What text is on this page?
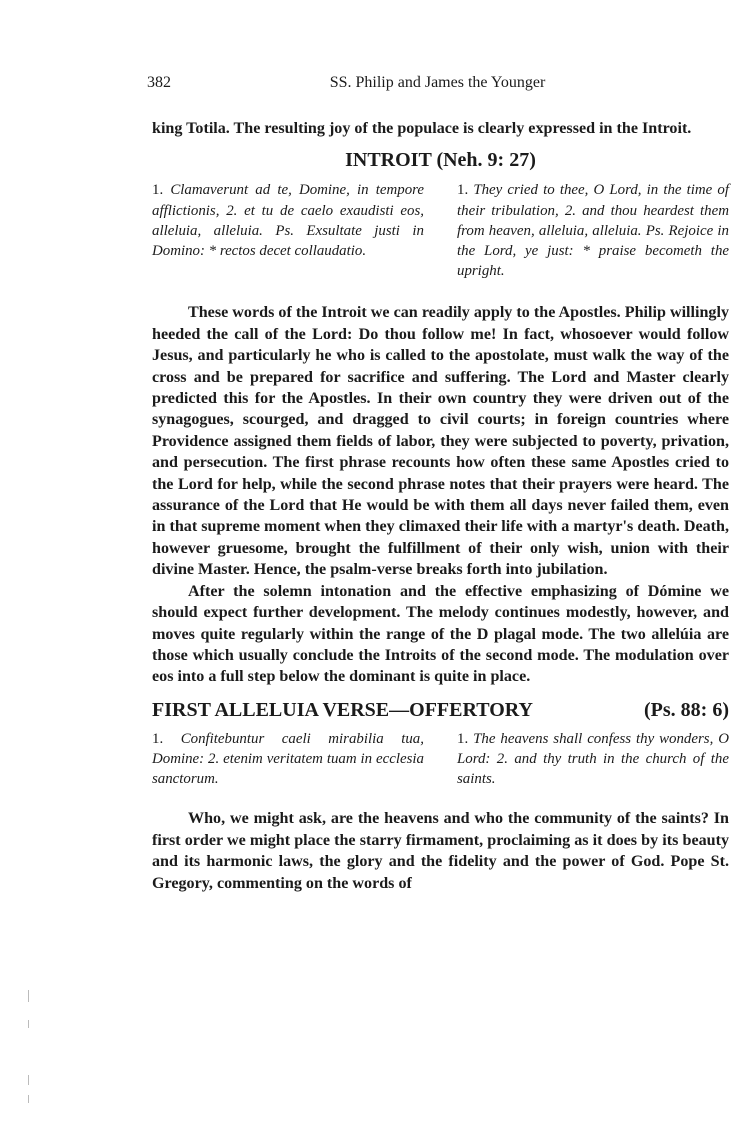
382	SS. Philip and James the Younger

king Totila. The resulting joy of the populace is clearly expressed in the Introit.

INTROIT (Neh. 9: 27)
1. Clamaverunt ad te, Domine, in tempore afflictionis, 2. et tu de caelo exaudisti eos, alleluia, alleluia. Ps. Exsultate justi in Domino: * rectos decet collaudatio.
1. They cried to thee, O Lord, in the time of their tribulation, 2. and thou heardest them from heaven, alleluia, alleluia. Ps. Rejoice in the Lord, ye just: * praise becometh the upright.

These words of the Introit we can readily apply to the Apostles. Philip willingly heeded the call of the Lord: Do thou follow me! In fact, whosoever would follow Jesus, and particularly he who is called to the apostolate, must walk the way of the cross and be prepared for sacrifice and suffering. The Lord and Master clearly predicted this for the Apostles. In their own country they were driven out of the synagogues, scourged, and dragged to civil courts; in foreign countries where Providence assigned them fields of labor, they were subjected to poverty, privation, and persecution. The first phrase recounts how often these same Apostles cried to the Lord for help, while the second phrase notes that their prayers were heard. The assurance of the Lord that He would be with them all days never failed them, even in that supreme moment when they climaxed their life with a martyr's death. Death, however gruesome, brought the fulfillment of their only wish, union with their divine Master. Hence, the psalm-verse breaks forth into jubilation.

After the solemn intonation and the effective emphasizing of Dómine we should expect further development. The melody continues modestly, however, and moves quite regularly within the range of the D plagal mode. The two allelúia are those which usually conclude the Introits of the second mode. The modulation over eos into a full step below the dominant is quite in place.

FIRST ALLELUIA VERSE—OFFERTORY	(Ps. 88: 6)
1. Confitebuntur caeli mirabilia tua, Domine: 2. etenim veritatem tuam in ecclesia sanctorum.
1. The heavens shall confess thy wonders, O Lord: 2. and thy truth in the church of the saints.

Who, we might ask, are the heavens and who the community of the saints? In first order we might place the starry firmament, proclaiming as it does by its beauty and its harmonic laws, the glory and the fidelity and the power of God. Pope St. Gregory, commenting on the words of
